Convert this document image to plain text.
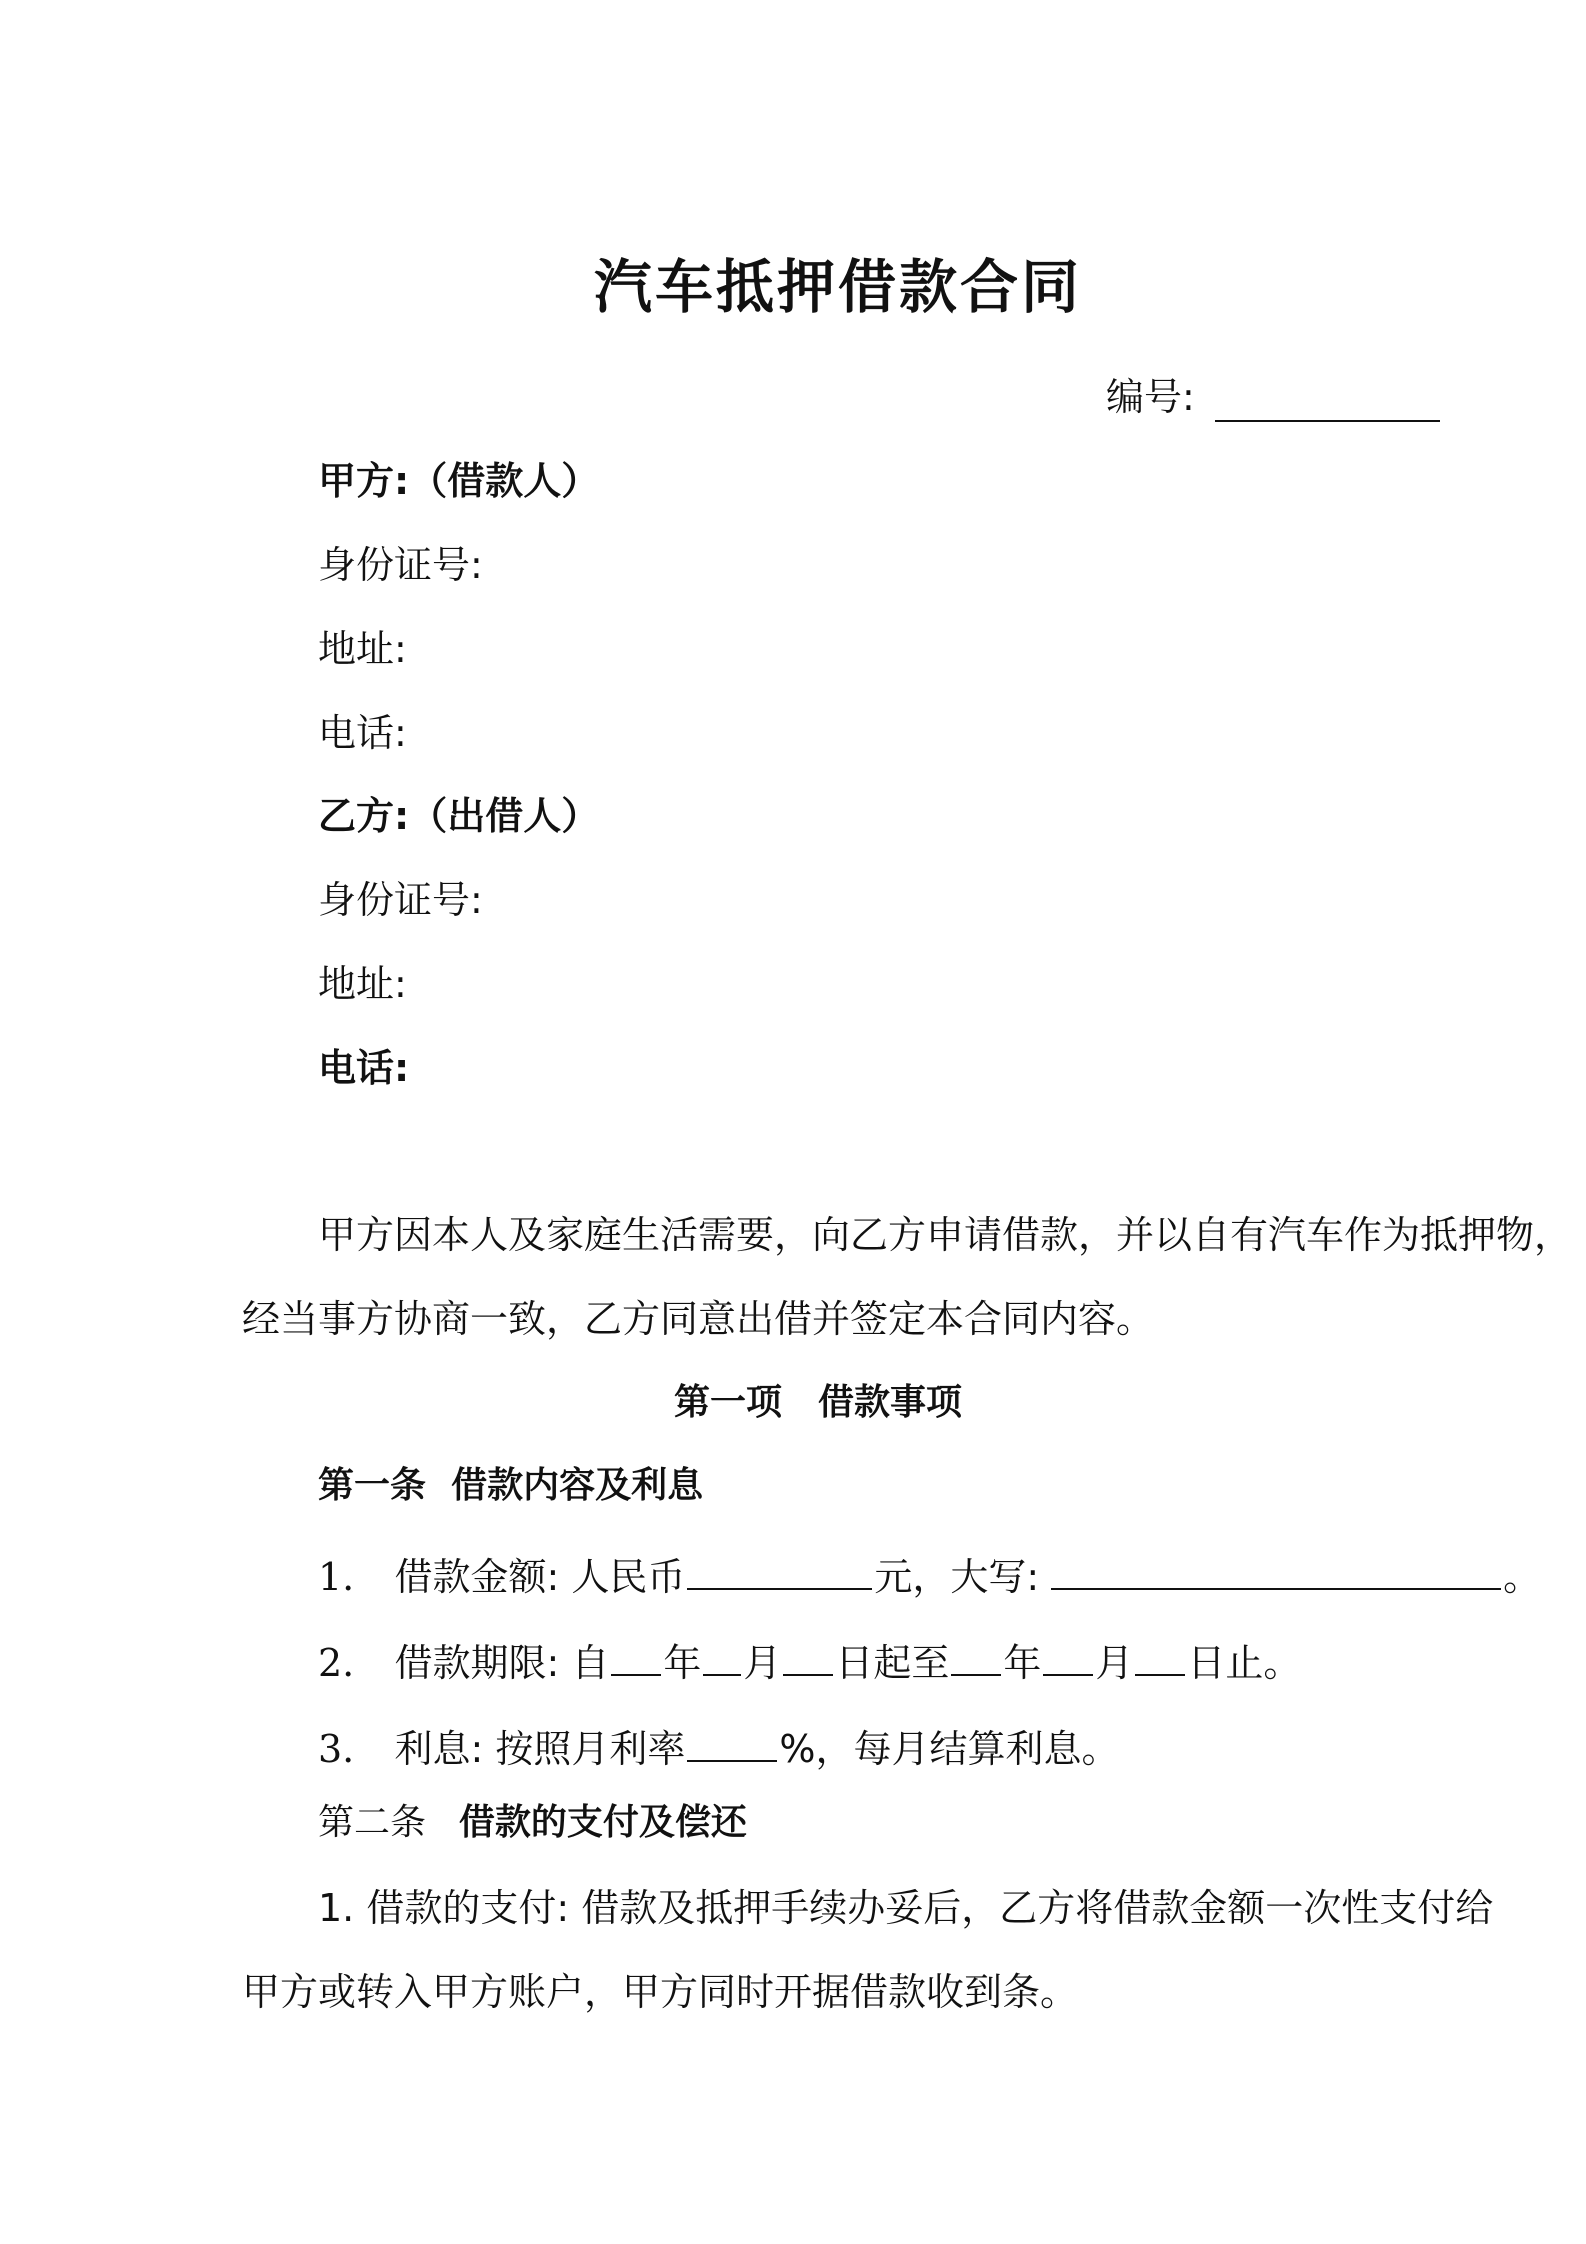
汽车抵押借款合同
编号:
甲方:（借款人）
身份证号:
地址:
电话:
乙方:（出借人）
身份证号:
地址:
电话:
甲方因本人及家庭生活需要，向乙方申请借款，并以自有汽车作为抵押物，
经当事方协商一致，乙方同意出借并签定本合同内容。
第一项　借款事项
第一条  借款内容及利息
1. 借款金额: 人民币	元，大写:	。
2. 借款期限: 自 年 月 日起至 年 月 日止。
3. 利息: 按照月利率 %，每月结算利息。
第二条 借款的支付及偿还
1. 借款的支付: 借款及抵押手续办妥后，乙方将借款金额一次性支付给
甲方或转入甲方账户，甲方同时开据借款收到条。
